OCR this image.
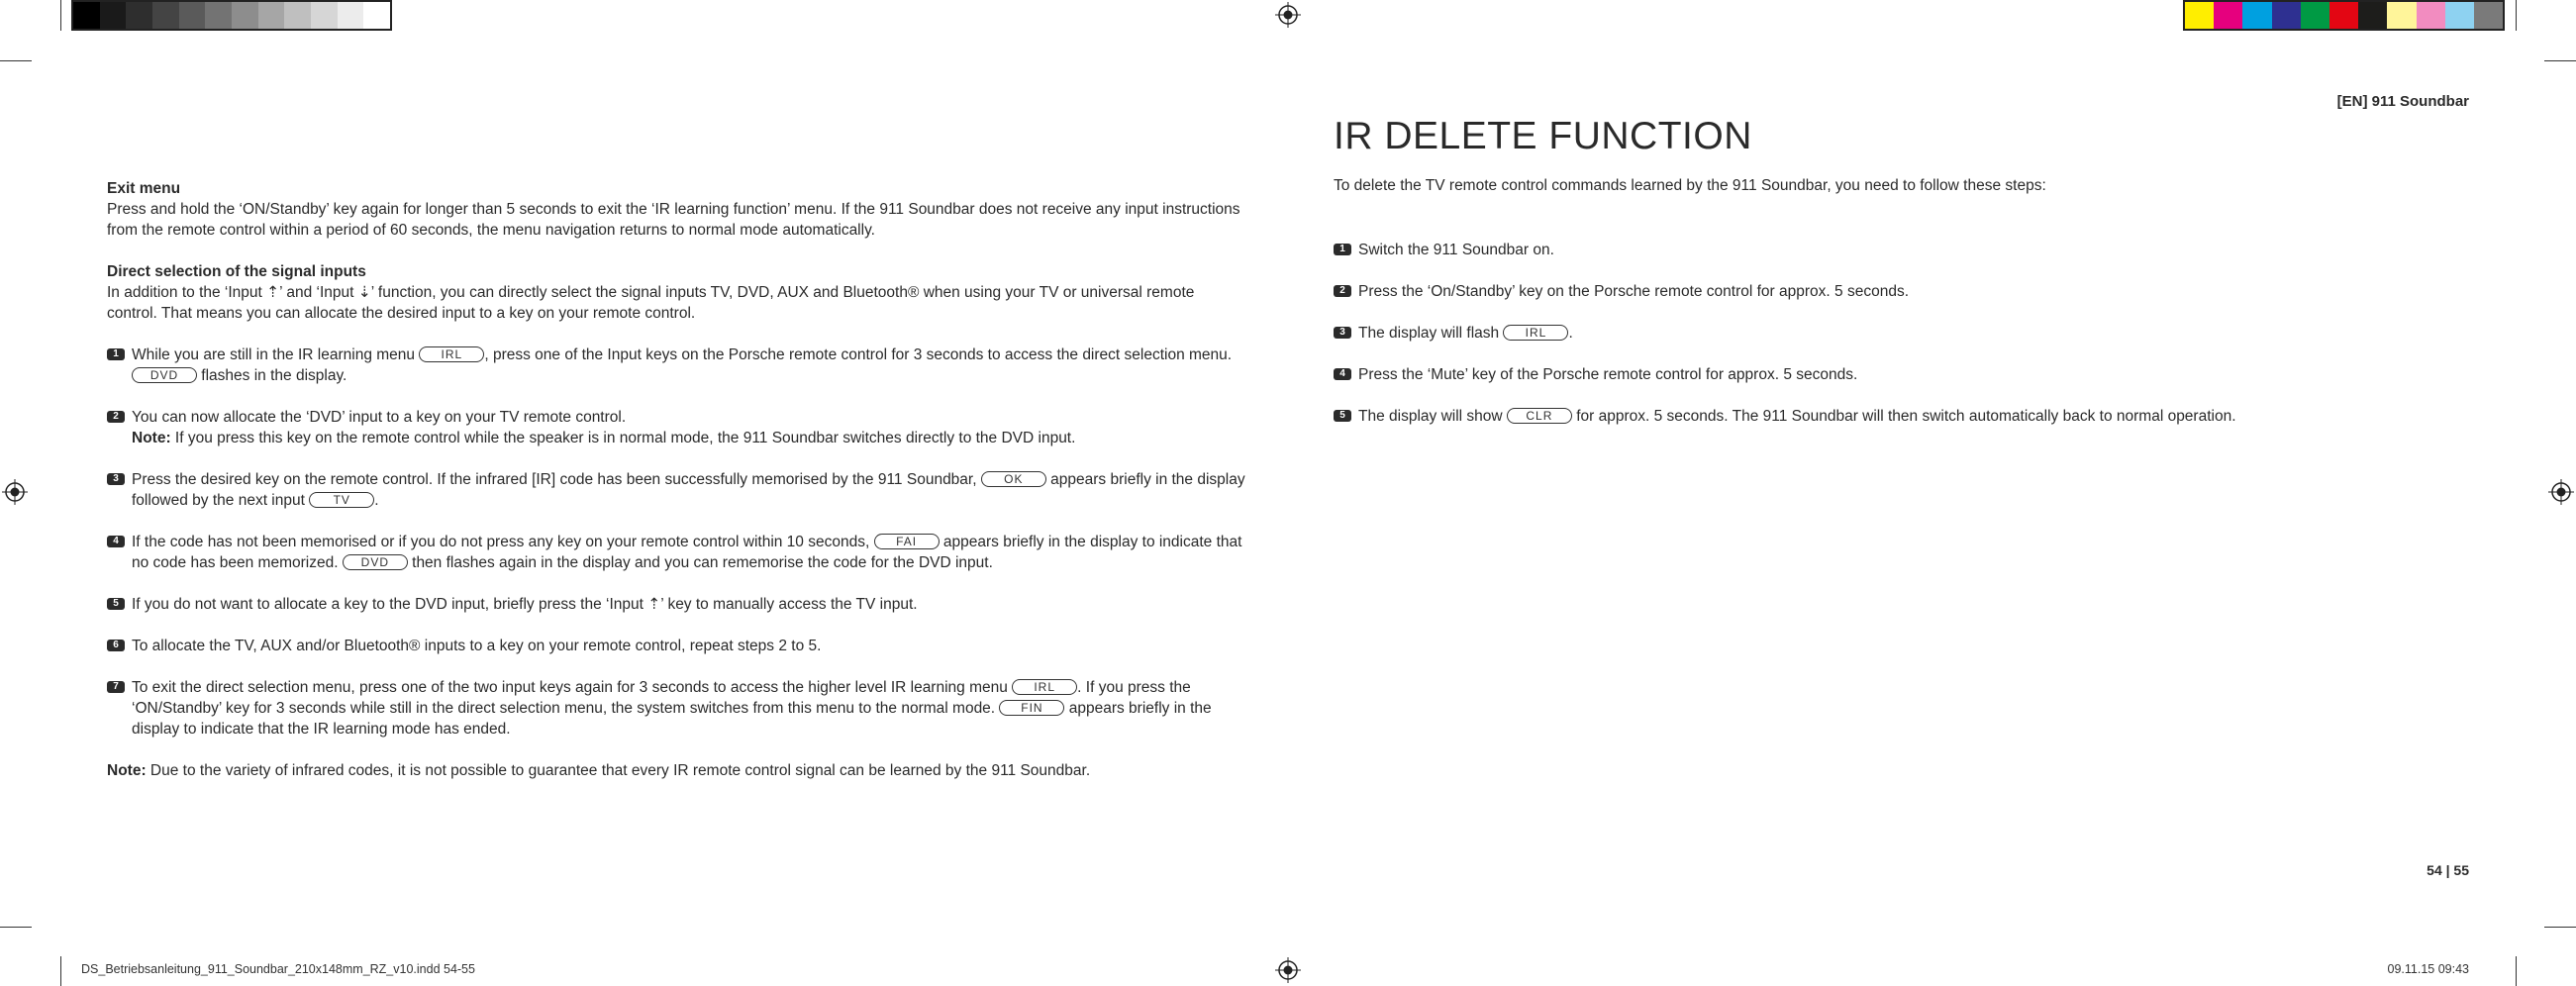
Exit menu

Press and hold the ‘ON/Standby’ key again for longer than 5 seconds to exit the ‘IR learning function’ menu. If the 911 Soundbar does not receive any input instructions from the remote control within a period of 60 seconds, the menu navigation returns to normal mode automatically.

Direct selection of the signal inputs

In addition to the ‘Input ⇡’ and ‘Input ⇣’ function, you can directly select the signal inputs TV, DVD, AUX and Bluetooth® when using your TV or universal remote control. That means you can allocate the desired input to a key on your remote control.

1 While you are still in the IR learning menu IRL , press one of the Input keys on the Porsche remote control for 3 seconds to access the direct selection menu. DVD flashes in the display.
2 You can now allocate the ‘DVD’ input to a key on your TV remote control.
Note: If you press this key on the remote control while the speaker is in normal mode, the 911 Soundbar switches directly to the DVD input.
3 Press the desired key on the remote control. If the infrared [IR] code has been successfully memorised by the 911 Soundbar, OK appears briefly in the display followed by the next input TV .
4 If the code has not been memorised or if you do not press any key on your remote control within 10 seconds, FAI appears briefly in the display to indicate that no code has been memorized. DVD then flashes again in the display and you can rememorise the code for the DVD input.
5 If you do not want to allocate a key to the DVD input, briefly press the ‘Input ⇡’ key to manually access the TV input.
6 To allocate the TV, AUX and/or Bluetooth® inputs to a key on your remote control, repeat steps 2 to 5.
7 To exit the direct selection menu, press one of the two input keys again for 3 seconds to access the higher level IR learning menu IRL . If you press the ‘ON/Standby’ key for 3 seconds while still in the direct selection menu, the system switches from this menu to the normal mode. FIN appears briefly in the display to indicate that the IR learning mode has ended.

Note: Due to the variety of infrared codes, it is not possible to guarantee that every IR remote control signal can be learned by the 911 Soundbar.

[EN] 911 Soundbar
IR DELETE FUNCTION

To delete the TV remote control commands learned by the 911 Soundbar, you need to follow these steps:

1 Switch the 911 Soundbar on.
2 Press the ‘On/Standby’ key on the Porsche remote control for approx. 5 seconds.
3 The display will flash IRL .
4 Press the ‘Mute’ key of the Porsche remote control for approx. 5 seconds.
5 The display will show CLR for approx. 5 seconds. The 911 Soundbar will then switch automatically back to normal operation.
54 | 55
DS_Betriebsanleitung_911_Soundbar_210x148mm_RZ_v10.indd 54-55	09.11.15 09:43
